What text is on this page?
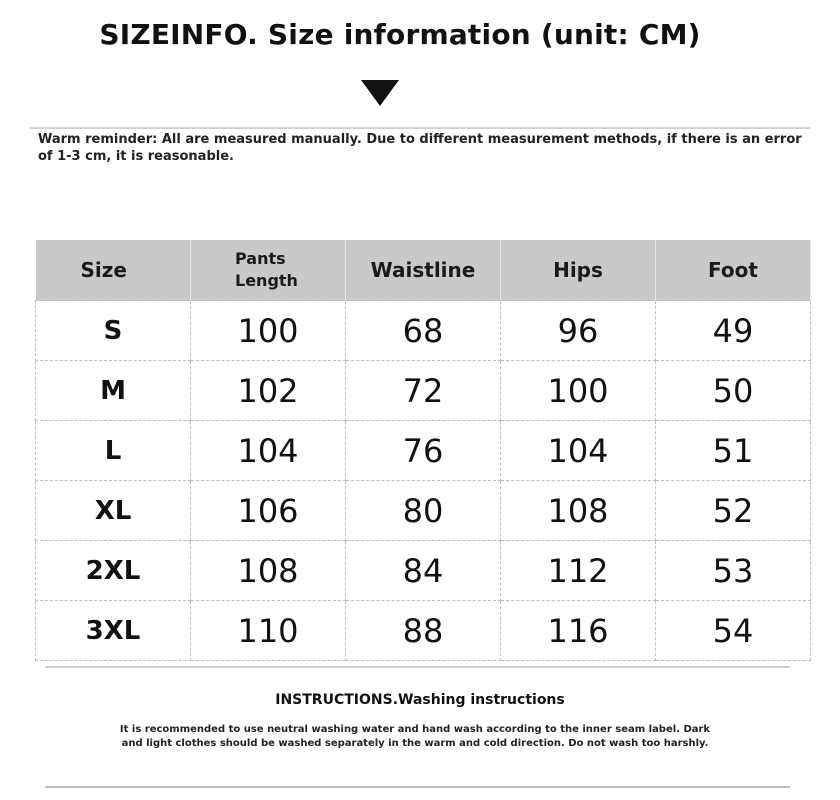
SIZEINFO. Size information (unit: CM)
Warm reminder: All are measured manually. Due to different measurement methods, if there is an error of 1-3 cm, it is reasonable.
Size	Pants Length	Waistline	Hips	Foot
S	100	68	96	49
M	102	72	100	50
L	104	76	104	51
XL	106	80	108	52
2XL	108	84	112	53
3XL	110	88	116	54
INSTRUCTIONS.Washing instructions
It is recommended to use neutral washing water and hand wash according to the inner seam label. Dark and light clothes should be washed separately in the warm and cold direction. Do not wash too harshly.
